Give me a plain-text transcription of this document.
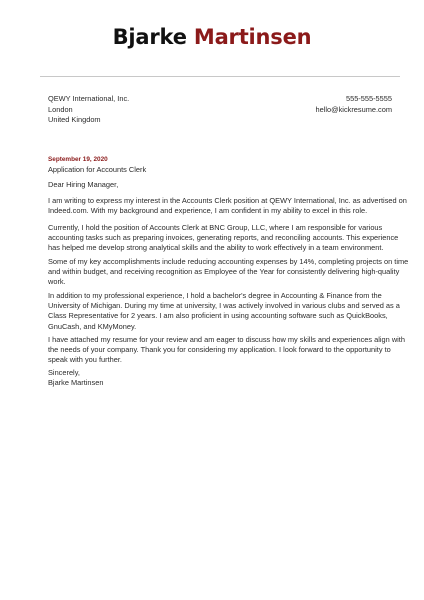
Bjarke Martinsen
QEWY International, Inc.
London
United Kingdom
555-555-5555
hello@kickresume.com
September 19, 2020
Application for Accounts Clerk
Dear Hiring Manager,
I am writing to express my interest in the Accounts Clerk position at QEWY International, Inc. as advertised on
Indeed.com. With my background and experience, I am confident in my ability to excel in this role.
Currently, I hold the position of Accounts Clerk at BNC Group, LLC, where I am responsible for various
accounting tasks such as preparing invoices, generating reports, and reconciling accounts. This experience
has helped me develop strong analytical skills and the ability to work effectively in a team environment.
Some of my key accomplishments include reducing accounting expenses by 14%, completing projects on time
and within budget, and receiving recognition as Employee of the Year for consistently delivering high-quality
work.
In addition to my professional experience, I hold a bachelor's degree in Accounting & Finance from the
University of Michigan. During my time at university, I was actively involved in various clubs and served as a
Class Representative for 2 years. I am also proficient in using accounting software such as QuickBooks,
GnuCash, and KMyMoney.
I have attached my resume for your review and am eager to discuss how my skills and experiences align with
the needs of your company. Thank you for considering my application. I look forward to the opportunity to
speak with you further.
Sincerely,
Bjarke Martinsen
